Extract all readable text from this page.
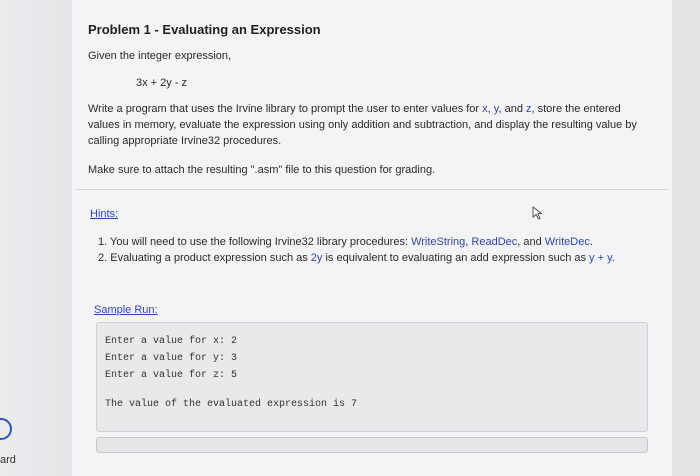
ard
Problem 1 - Evaluating an Expression
Given the integer expression,
3x + 2y - z
Write a program that uses the Irvine library to prompt the user to enter values for x, y, and z, store the entered values in memory, evaluate the expression using only addition and subtraction, and display the resulting value by calling appropriate Irvine32 procedures.
Make sure to attach the resulting ".asm" file to this question for grading.
Hints:
1. You will need to use the following Irvine32 library procedures: WriteString, ReadDec, and WriteDec.
2. Evaluating a product expression such as 2y is equivalent to evaluating an add expression such as y + y.
Sample Run:
Enter a value for x: 2
Enter a value for y: 3
Enter a value for z: 5
The value of the evaluated expression is 7
